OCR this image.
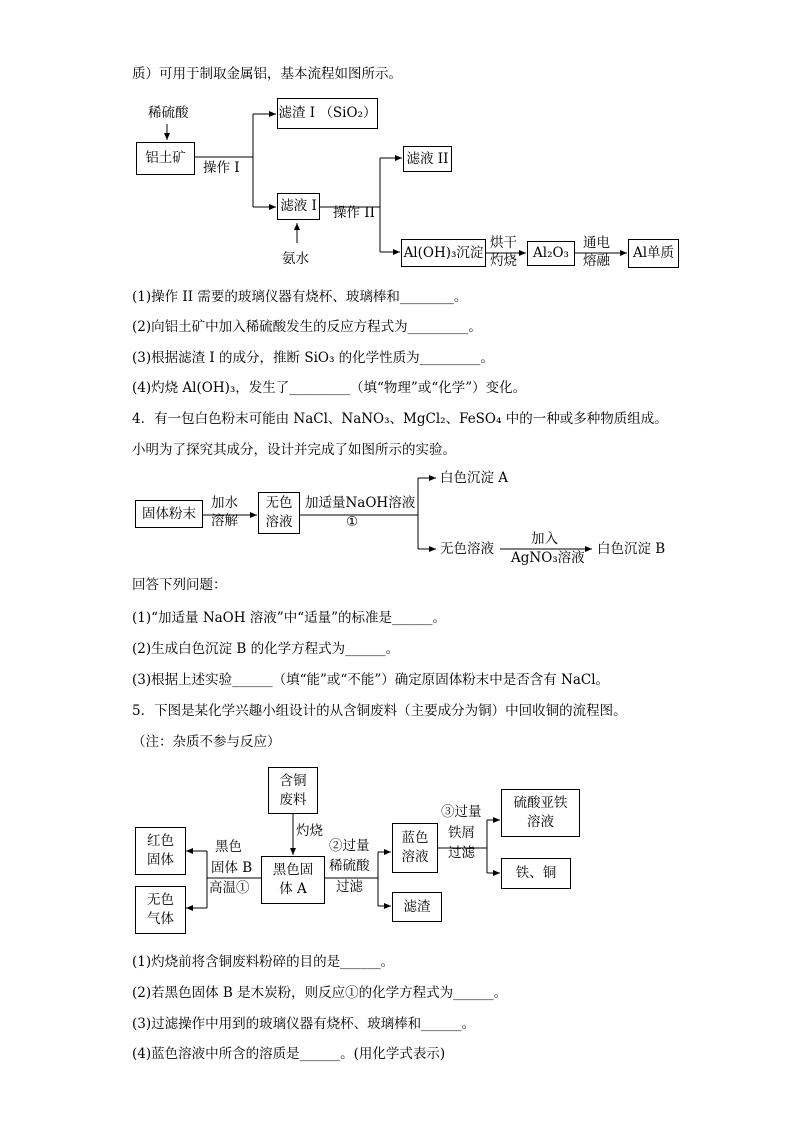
质）可用于制取金属铝，基本流程如图所示。
稀硫酸
铝土矿
操作 I
滤渣 I （SiO₂）
滤液 I
氨水
操作 II
滤液 II
Al(OH)₃沉淀
烘干
灼烧 Al₂O₃
通电
熔融 Al单质
(1)操作 II 需要的玻璃仪器有烧杯、玻璃棒和________。
(2)向铝土矿中加入稀硫酸发生的反应方程式为_________。
(3)根据滤渣 I 的成分，推断 SiO₃ 的化学性质为_________。
(4)灼烧 Al(OH)₃，发生了_________（填“物理”或“化学”）变化。
4．有一包白色粉末可能由 NaCl、NaNO₃、MgCl₂、FeSO₄ 中的一种或多种物质组成。
小明为了探究其成分，设计并完成了如图所示的实验。
固体粉末
加水
溶解
无色
溶液
加适量NaOH溶液
①
白色沉淀 A
无色溶液
加入
AgNO₃溶液
白色沉淀 B
回答下列问题：
(1)“加适量 NaOH 溶液”中“适量”的标准是______。
(2)生成白色沉淀 B 的化学方程式为______。
(3)根据上述实验______（填“能”或“不能”）确定原固体粉末中是否含有 NaCl。
5．下图是某化学兴趣小组设计的从含铜废料（主要成分为铜）中回收铜的流程图。
（注：杂质不参与反应）
含铜
废料
灼烧
红色
固体
无色
气体
黑色
固体 B
高温①
黑色固
体 A
②过量
稀硫酸
过滤
蓝色
溶液
滤渣
③过量
铁屑
过滤
硫酸亚铁
溶液
铁、铜
(1)灼烧前将含铜废料粉碎的目的是______。
(2)若黑色固体 B 是木炭粉，则反应①的化学方程式为______。
(3)过滤操作中用到的玻璃仪器有烧杯、玻璃棒和______。
(4)蓝色溶液中所含的溶质是______。(用化学式表示)
